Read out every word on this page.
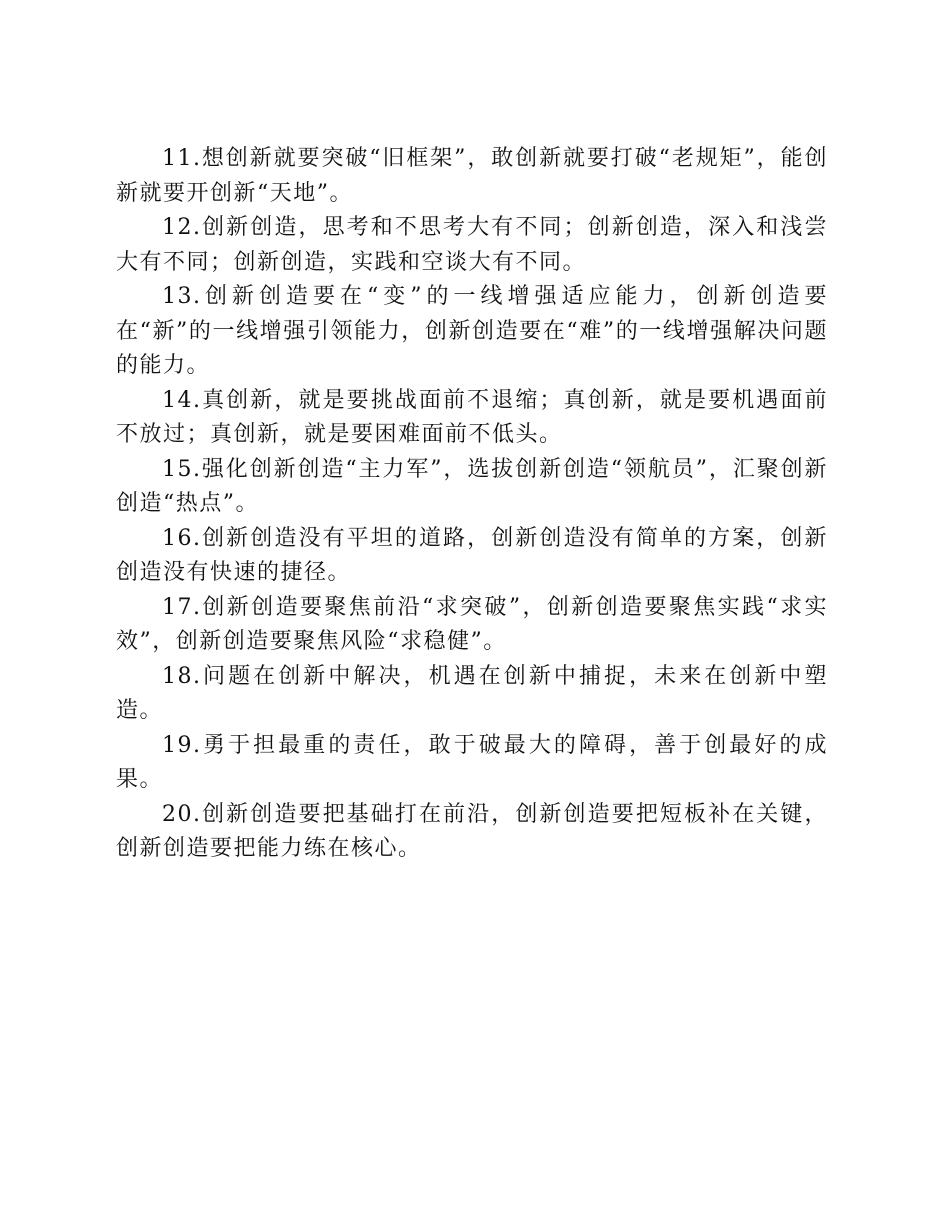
11.想创新就要突破“旧框架”，敢创新就要打破“老规矩”，能创新就要开创新“天地”。

12.创新创造，思考和不思考大有不同；创新创造，深入和浅尝大有不同；创新创造，实践和空谈大有不同。

13.创新创造要在“变”的一线增强适应能力，创新创造要在“新”的一线增强引领能力，创新创造要在“难”的一线增强解决问题的能力。

14.真创新，就是要挑战面前不退缩；真创新，就是要机遇面前不放过；真创新，就是要困难面前不低头。

15.强化创新创造“主力军”，选拔创新创造“领航员”，汇聚创新创造“热点”。

16.创新创造没有平坦的道路，创新创造没有简单的方案，创新创造没有快速的捷径。

17.创新创造要聚焦前沿“求突破”，创新创造要聚焦实践“求实效”，创新创造要聚焦风险“求稳健”。

18.问题在创新中解决，机遇在创新中捕捉，未来在创新中塑造。

19.勇于担最重的责任，敢于破最大的障碍，善于创最好的成果。

20.创新创造要把基础打在前沿，创新创造要把短板补在关键，创新创造要把能力练在核心。
